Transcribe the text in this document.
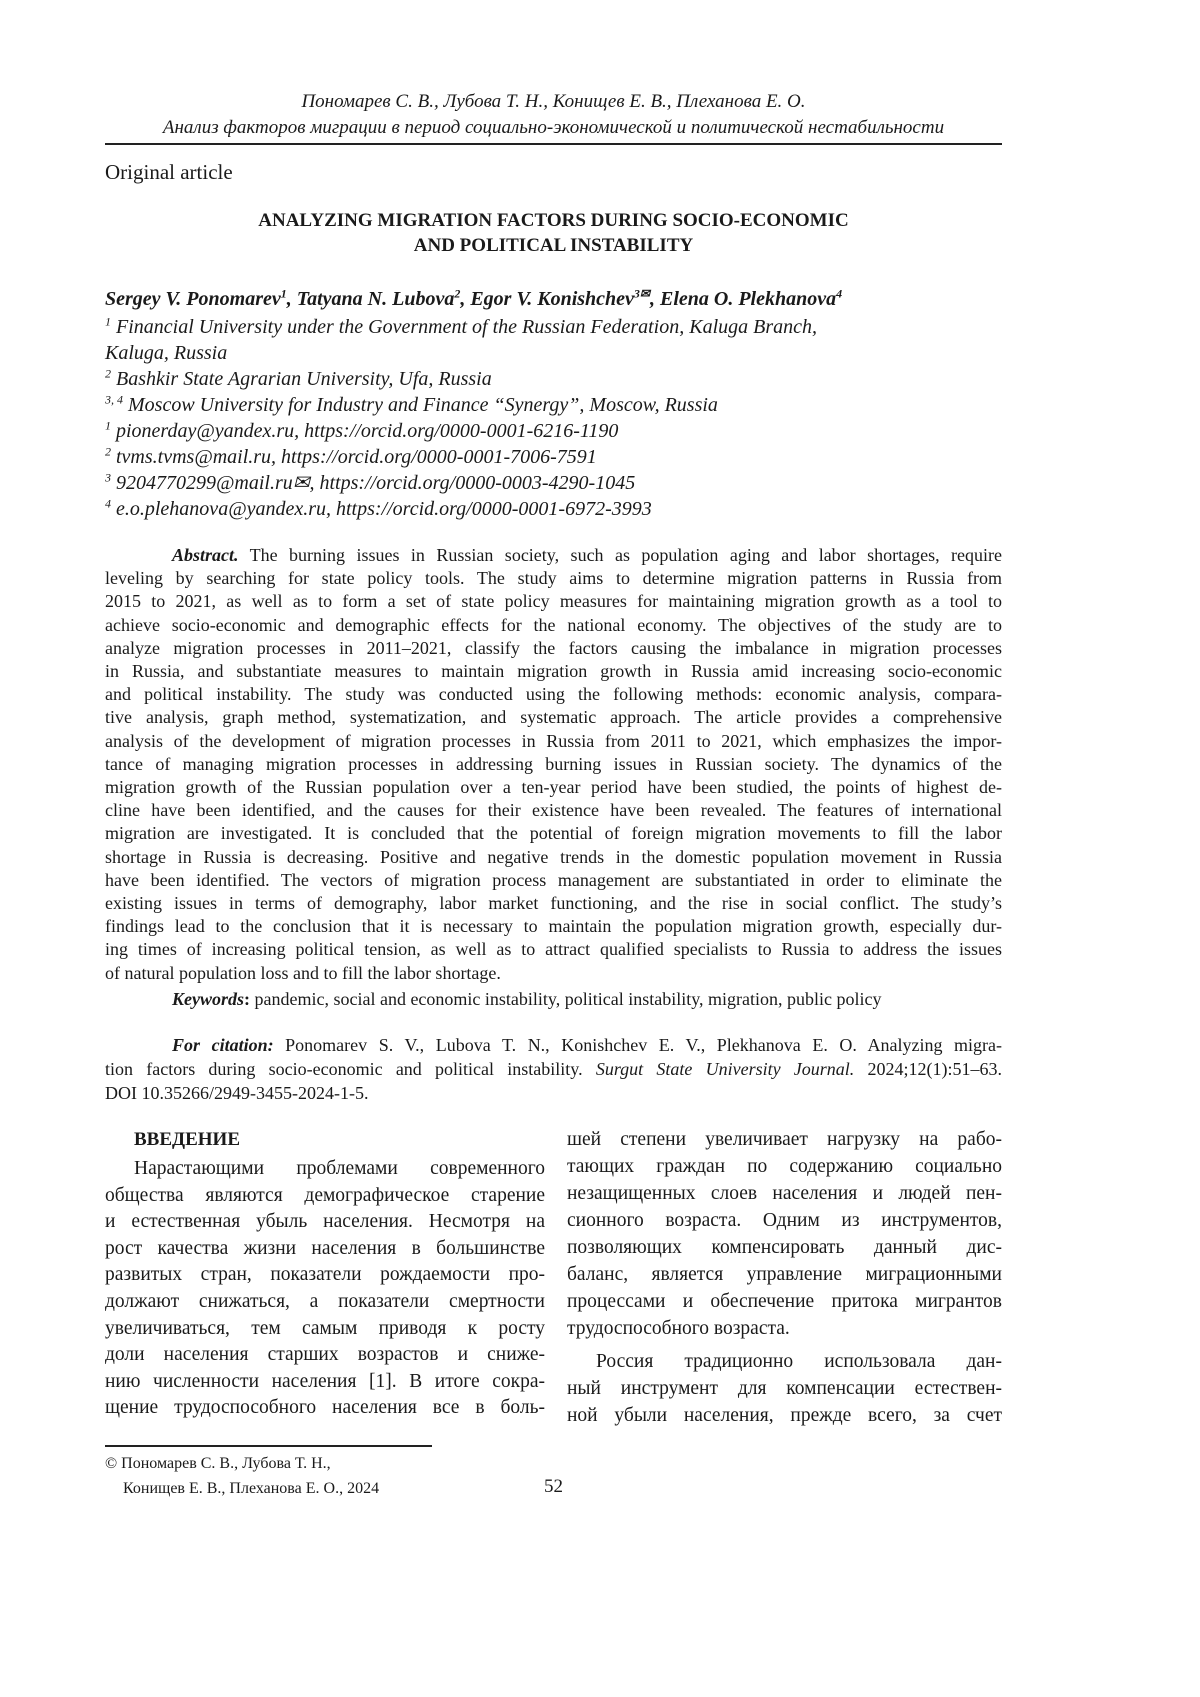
Пономарев С. В., Лубова Т. Н., Конищев Е. В., Плеханова Е. О.
Анализ факторов миграции в период социально-экономической и политической нестабильности
Original article
ANALYZING MIGRATION FACTORS DURING SOCIO-ECONOMIC
AND POLITICAL INSTABILITY
Sergey V. Ponomarev1, Tatyana N. Lubova2, Egor V. Konishchev3✉, Elena O. Plekhanova4
1 Financial University under the Government of the Russian Federation, Kaluga Branch,
Kaluga, Russia
2 Bashkir State Agrarian University, Ufa, Russia
3, 4 Moscow University for Industry and Finance “Synergy”, Moscow, Russia
1 pionerday@yandex.ru, https://orcid.org/0000-0001-6216-1190
2 tvms.tvms@mail.ru, https://orcid.org/0000-0001-7006-7591
3 9204770299@mail.ru✉, https://orcid.org/0000-0003-4290-1045
4 e.o.plehanova@yandex.ru, https://orcid.org/0000-0001-6972-3993
Abstract. The burning issues in Russian society, such as population aging and labor shortages, require
leveling by searching for state policy tools. The study aims to determine migration patterns in Russia from
2015 to 2021, as well as to form a set of state policy measures for maintaining migration growth as a tool to
achieve socio-economic and demographic effects for the national economy. The objectives of the study are to
analyze migration processes in 2011–2021, classify the factors causing the imbalance in migration processes
in Russia, and substantiate measures to maintain migration growth in Russia amid increasing socio-economic
and political instability. The study was conducted using the following methods: economic analysis, compara-
tive analysis, graph method, systematization, and systematic approach. The article provides a comprehensive
analysis of the development of migration processes in Russia from 2011 to 2021, which emphasizes the impor-
tance of managing migration processes in addressing burning issues in Russian society. The dynamics of the
migration growth of the Russian population over a ten-year period have been studied, the points of highest de-
cline have been identified, and the causes for their existence have been revealed. The features of international
migration are investigated. It is concluded that the potential of foreign migration movements to fill the labor
shortage in Russia is decreasing. Positive and negative trends in the domestic population movement in Russia
have been identified. The vectors of migration process management are substantiated in order to eliminate the
existing issues in terms of demography, labor market functioning, and the rise in social conflict. The study’s
findings lead to the conclusion that it is necessary to maintain the population migration growth, especially dur-
ing times of increasing political tension, as well as to attract qualified specialists to Russia to address the issues
of natural population loss and to fill the labor shortage.
Keywords: pandemic, social and economic instability, political instability, migration, public policy
For citation: Ponomarev S. V., Lubova T. N., Konishchev E. V., Plekhanova E. O. Analyzing migra-
tion factors during socio-economic and political instability. Surgut State University Journal. 2024;12(1):51–63.
DOI 10.35266/2949-3455-2024-1-5.
ВВЕДЕНИЕ
Нарастающими проблемами современного
общества являются демографическое старение
и естественная убыль населения. Несмотря на
рост качества жизни населения в большинстве
развитых стран, показатели рождаемости про-
должают снижаться, а показатели смертности
увеличиваться, тем самым приводя к росту
доли населения старших возрастов и сниже-
нию численности населения [1]. В итоге сокра-
щение трудоспособного населения все в боль-
шей степени увеличивает нагрузку на рабо-
тающих граждан по содержанию социально
незащищенных слоев населения и людей пен-
сионного возраста. Одним из инструментов,
позволяющих компенсировать данный дис-
баланс, является управление миграционными
процессами и обеспечение притока мигрантов
трудоспособного возраста.
Россия традиционно использовала дан-
ный инструмент для компенсации естествен-
ной убыли населения, прежде всего, за счет
© Пономарев С. В., Лубова Т. Н.,
Конищев Е. В., Плеханова Е. О., 2024	52
